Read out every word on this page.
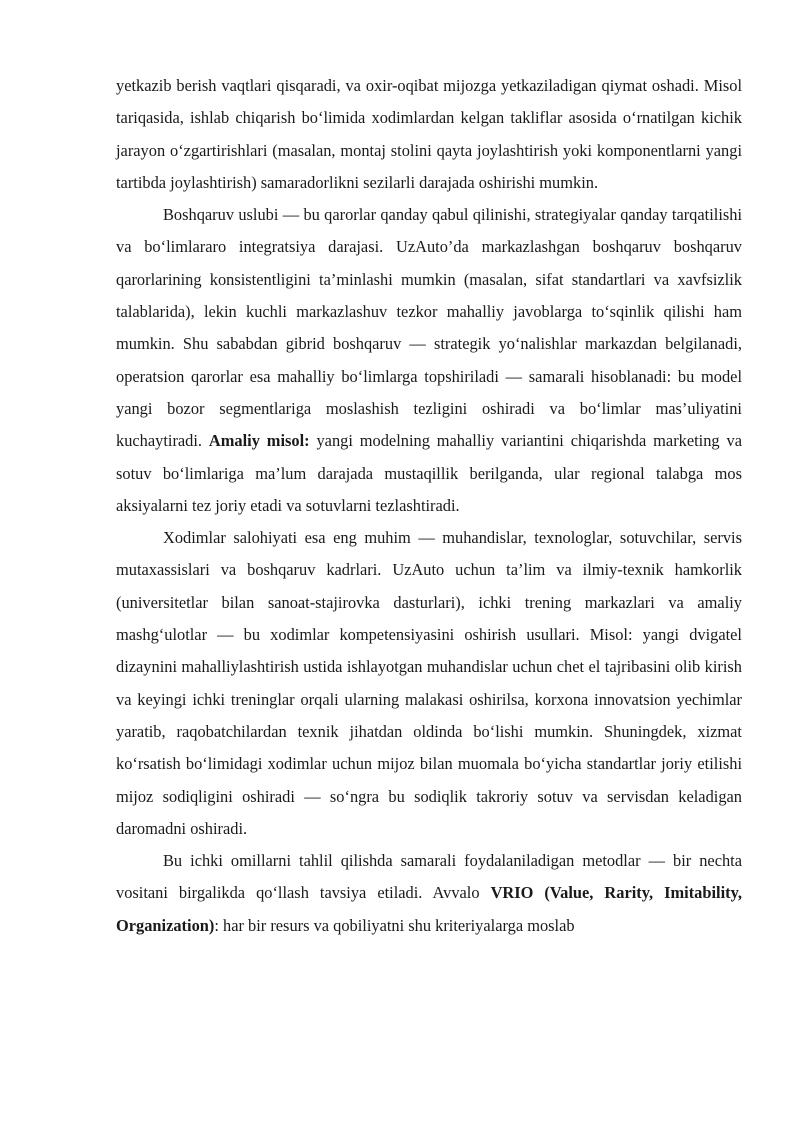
yetkazib berish vaqtlari qisqaradi, va oxir-oqibat mijozga yetkaziladigan qiymat oshadi. Misol tariqasida, ishlab chiqarish boʻlimida xodimlardan kelgan takliflar asosida oʻrnatilgan kichik jarayon oʻzgartirishlari (masalan, montaj stolini qayta joylashtirish yoki komponentlarni yangi tartibda joylashtirish) samaradorlikni sezilarli darajada oshirishi mumkin.

Boshqaruv uslubi — bu qarorlar qanday qabul qilinishi, strategiyalar qanday tarqatilishi va boʻlimlararo integratsiya darajasi. UzAuto’da markazlashgan boshqaruv boshqaruv qarorlarining konsistentligini ta’minlashi mumkin (masalan, sifat standartlari va xavfsizlik talablarida), lekin kuchli markazlashuv tezkor mahalliy javoblarga toʻsqinlik qilishi ham mumkin. Shu sababdan gibrid boshqaruv — strategik yoʻnalishlar markazdan belgilanadi, operatsion qarorlar esa mahalliy boʻlimlarga topshiriladi — samarali hisoblanadi: bu model yangi bozor segmentlariga moslashish tezligini oshiradi va boʻlimlar mas’uliyatini kuchaytiradi. Amaliy misol: yangi modelning mahalliy variantini chiqarishda marketing va sotuv boʻlimlariga ma’lum darajada mustaqillik berilganda, ular regional talabga mos aksiyalarni tez joriy etadi va sotuvlarni tezlashtiradi.

Xodimlar salohiyati esa eng muhim — muhandislar, texnologlar, sotuvchilar, servis mutaxassislari va boshqaruv kadrlari. UzAuto uchun ta’lim va ilmiy-texnik hamkorlik (universitetlar bilan sanoat-stajirovka dasturlari), ichki trening markazlari va amaliy mashgʻulotlar — bu xodimlar kompetensiyasini oshirish usullari. Misol: yangi dvigatel dizaynini mahalliylashtirish ustida ishlayotgan muhandislar uchun chet el tajribasini olib kirish va keyingi ichki treninglar orqali ularning malakasi oshirilsa, korxona innovatsion yechimlar yaratib, raqobatchilardan texnik jihatdan oldinda boʻlishi mumkin. Shuningdek, xizmat koʻrsatish boʻlimidagi xodimlar uchun mijoz bilan muomala boʻyicha standartlar joriy etilishi mijoz sodiqligini oshiradi — soʻngra bu sodiqlik takroriy sotuv va servisdan keladigan daromadni oshiradi.

Bu ichki omillarni tahlil qilishda samarali foydalaniladigan metodlar — bir nechta vositani birgalikda qoʻllash tavsiya etiladi. Avvalo VRIO (Value, Rarity, Imitability, Organization): har bir resurs va qobiliyatni shu kriteriyalarga moslab
